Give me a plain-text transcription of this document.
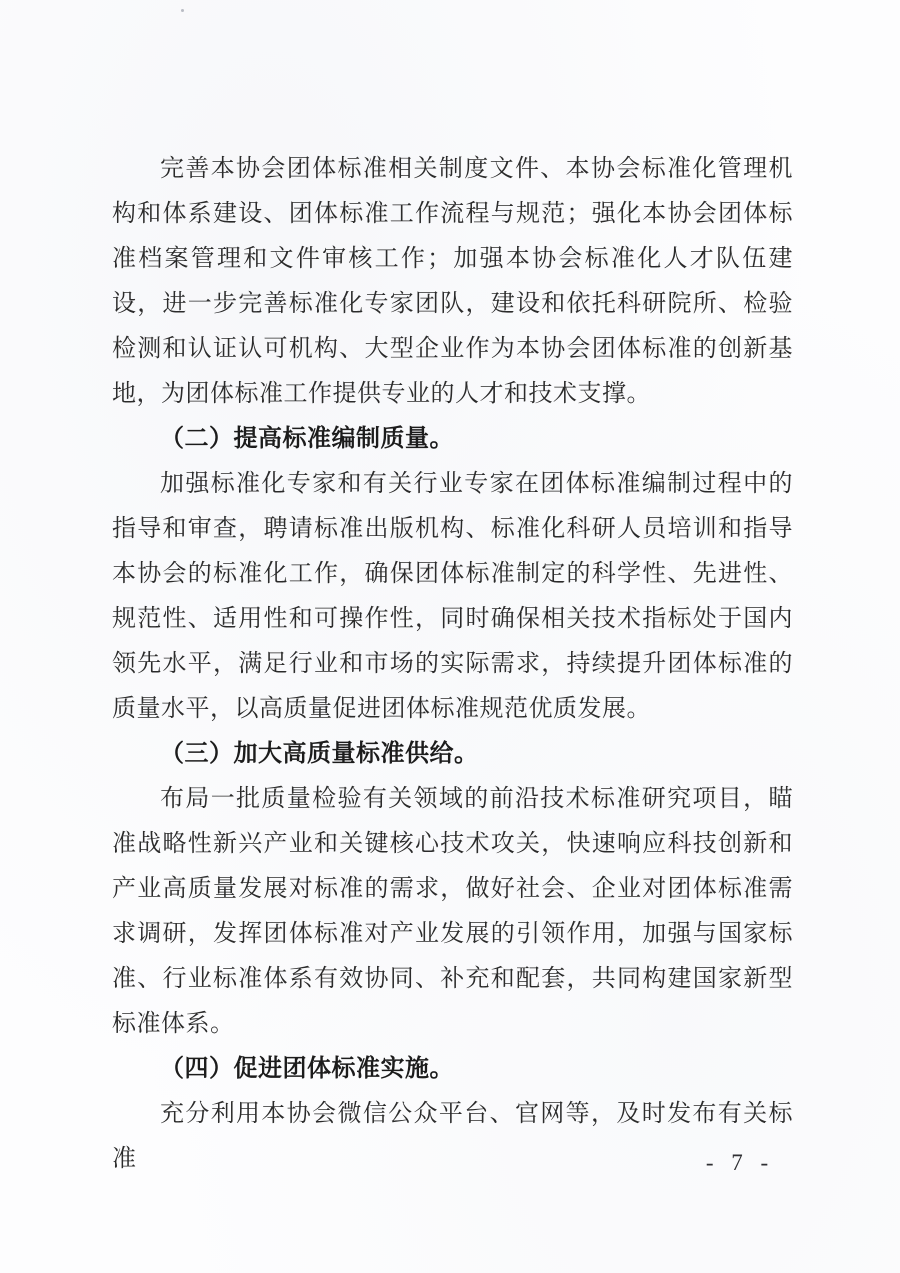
完善本协会团体标准相关制度文件、本协会标准化管理机构和体系建设、团体标准工作流程与规范；强化本协会团体标准档案管理和文件审核工作；加强本协会标准化人才队伍建设，进一步完善标准化专家团队，建设和依托科研院所、检验检测和认证认可机构、大型企业作为本协会团体标准的创新基地，为团体标准工作提供专业的人才和技术支撑。

（二）提高标准编制质量。

加强标准化专家和有关行业专家在团体标准编制过程中的指导和审查，聘请标准出版机构、标准化科研人员培训和指导本协会的标准化工作，确保团体标准制定的科学性、先进性、规范性、适用性和可操作性，同时确保相关技术指标处于国内领先水平，满足行业和市场的实际需求，持续提升团体标准的质量水平，以高质量促进团体标准规范优质发展。

（三）加大高质量标准供给。

布局一批质量检验有关领域的前沿技术标准研究项目，瞄准战略性新兴产业和关键核心技术攻关，快速响应科技创新和产业高质量发展对标准的需求，做好社会、企业对团体标准需求调研，发挥团体标准对产业发展的引领作用，加强与国家标准、行业标准体系有效协同、补充和配套，共同构建国家新型标准体系。

（四）促进团体标准实施。

充分利用本协会微信公众平台、官网等，及时发布有关标准	- 7 -
